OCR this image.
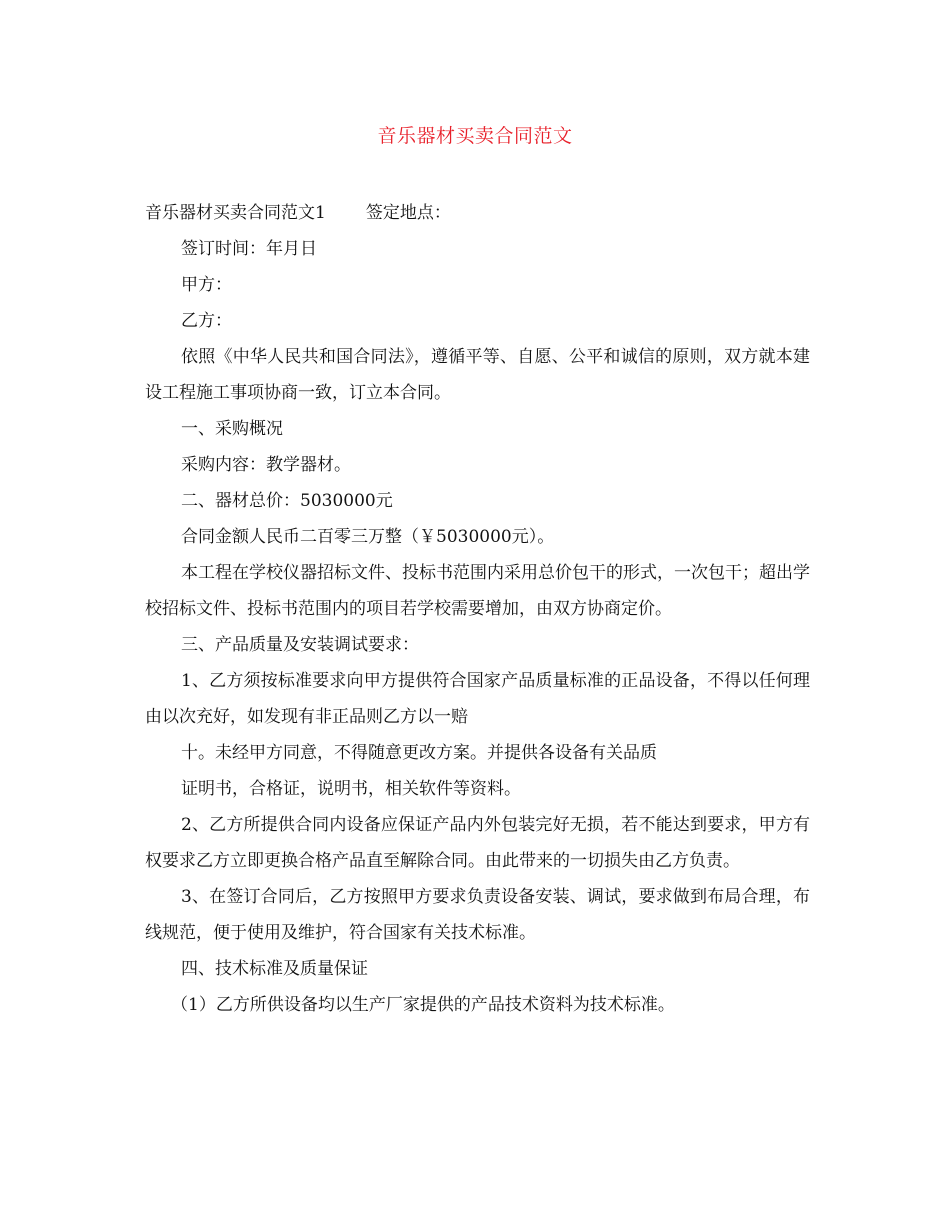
音乐器材买卖合同范文

音乐器材买卖合同范文1 签定地点：

签订时间：年月日

甲方：

乙方：

依照《中华人民共和国合同法》，遵循平等、自愿、公平和诚信的原则，双方就本建设工程施工事项协商一致，订立本合同。

一、采购概况

采购内容：教学器材。

二、器材总价：5030000元

合同金额人民币二百零三万整（￥5030000元）。

本工程在学校仪器招标文件、投标书范围内采用总价包干的形式，一次包干；超出学校招标文件、投标书范围内的项目若学校需要增加，由双方协商定价。

三、产品质量及安装调试要求：

1、乙方须按标准要求向甲方提供符合国家产品质量标准的正品设备，不得以任何理由以次充好，如发现有非正品则乙方以一赔

十。未经甲方同意，不得随意更改方案。并提供各设备有关品质

证明书，合格证，说明书，相关软件等资料。

2、乙方所提供合同内设备应保证产品内外包装完好无损，若不能达到要求，甲方有权要求乙方立即更换合格产品直至解除合同。由此带来的一切损失由乙方负责。

3、在签订合同后，乙方按照甲方要求负责设备安装、调试，要求做到布局合理，布线规范，便于使用及维护，符合国家有关技术标准。

四、技术标准及质量保证

（1）乙方所供设备均以生产厂家提供的产品技术资料为技术标准。
